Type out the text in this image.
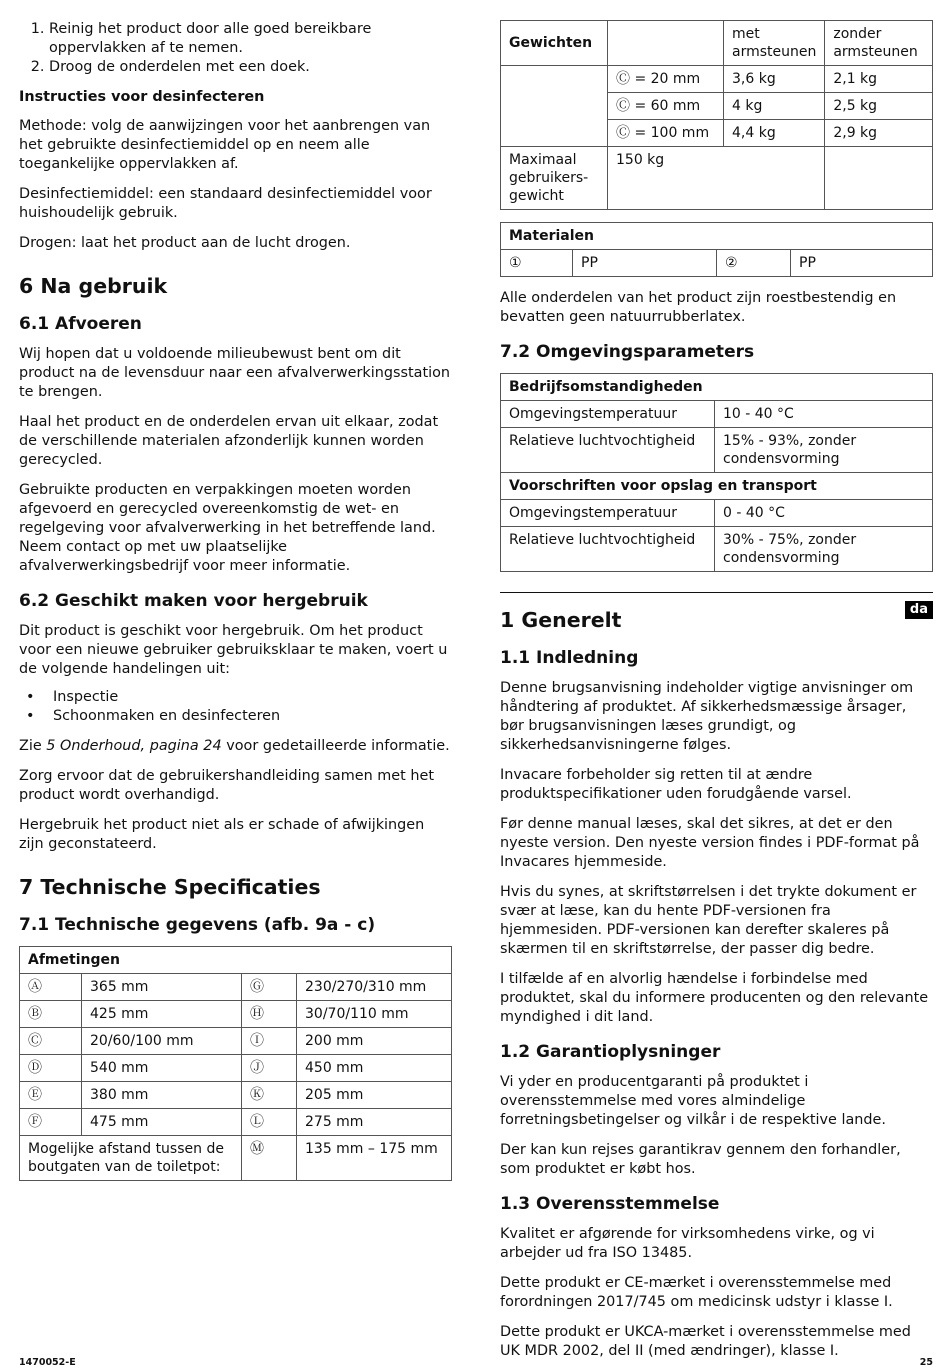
1. Reinig het product door alle goed bereikbare oppervlakken af te nemen.
2. Droog de onderdelen met een doek.
Instructies voor desinfecteren

Methode: volg de aanwijzingen voor het aanbrengen van het gebruikte desinfectiemiddel op en neem alle toegankelijke oppervlakken af.

Desinfectiemiddel: een standaard desinfectiemiddel voor huishoudelijk gebruik.

Drogen: laat het product aan de lucht drogen.

6 Na gebruik
6.1 Afvoeren

Wij hopen dat u voldoende milieubewust bent om dit product na de levensduur naar een afvalverwerkingsstation te brengen.

Haal het product en de onderdelen ervan uit elkaar, zodat de verschillende materialen afzonderlijk kunnen worden gerecycled.

Gebruikte producten en verpakkingen moeten worden afgevoerd en gerecycled overeenkomstig de wet- en regelgeving voor afvalverwerking in het betreffende land. Neem contact op met uw plaatselijke afvalverwerkingsbedrijf voor meer informatie.

6.2 Geschikt maken voor hergebruik

Dit product is geschikt voor hergebruik. Om het product voor een nieuwe gebruiker gebruiksklaar te maken, voert u de volgende handelingen uit:

• Inspectie
• Schoonmaken en desinfecteren

Zie 5 Onderhoud, pagina 24 voor gedetailleerde informatie.

Zorg ervoor dat de gebruikershandleiding samen met het product wordt overhandigd.

Hergebruik het product niet als er schade of afwijkingen zijn geconstateerd.

7 Technische Specificaties
7.1 Technische gegevens (afb. 9a - c)
Afmetingen			
Ⓐ	365 mm	Ⓖ	230/270/310 mm
Ⓑ	425 mm	Ⓗ	30/70/110 mm
Ⓒ	20/60/100 mm	Ⓘ	200 mm
Ⓓ	540 mm	Ⓙ	450 mm
Ⓔ	380 mm	Ⓚ	205 mm
Ⓕ	475 mm	Ⓛ	275 mm
Mogelijke afstand tussen de boutgaten van de toiletpot:		Ⓜ	135 mm – 175 mm
Gewichten		met armsteunen	zonder armsteunen
	Ⓒ = 20 mm	3,6 kg	2,1 kg
	Ⓒ = 60 mm	4 kg	2,5 kg
	Ⓒ = 100 mm	4,4 kg	2,9 kg
Maximaal gebruikers-gewicht	150 kg		
Materialen
①	PP	②	PP

Alle onderdelen van het product zijn roestbestendig en bevatten geen natuurrubberlatex.

7.2 Omgevingsparameters
Bedrijfsomstandigheden	
Omgevingstemperatuur	10 - 40 °C
Relatieve luchtvochtigheid	15% - 93%, zonder condensvorming
Voorschriften voor opslag en transport	
Omgevingstemperatuur	0 - 40 °C
Relatieve luchtvochtigheid	30% - 75%, zonder condensvorming
da
1 Generelt
1.1 Indledning

Denne brugsanvisning indeholder vigtige anvisninger om håndtering af produktet. Af sikkerhedsmæssige årsager, bør brugsanvisningen læses grundigt, og sikkerhedsanvisningerne følges.

Invacare forbeholder sig retten til at ændre produktspecifikationer uden forudgående varsel.

Før denne manual læses, skal det sikres, at det er den nyeste version. Den nyeste version findes i PDF-format på Invacares hjemmeside.

Hvis du synes, at skriftstørrelsen i det trykte dokument er svær at læse, kan du hente PDF-versionen fra hjemmesiden. PDF-versionen kan derefter skaleres på skærmen til en skriftstørrelse, der passer dig bedre.

I tilfælde af en alvorlig hændelse i forbindelse med produktet, skal du informere producenten og den relevante myndighed i dit land.

1.2 Garantioplysninger

Vi yder en producentgaranti på produktet i overensstemmelse med vores almindelige forretningsbetingelser og vilkår i de respektive lande.

Der kan kun rejses garantikrav gennem den forhandler, som produktet er købt hos.

1.3 Overensstemmelse

Kvalitet er afgørende for virksomhedens virke, og vi arbejder ud fra ISO 13485.

Dette produkt er CE-mærket i overensstemmelse med forordningen 2017/745 om medicinsk udstyr i klasse I.

Dette produkt er UKCA-mærket i overensstemmelse med UK MDR 2002, del II (med ændringer), klasse I.

1470052-E	25
